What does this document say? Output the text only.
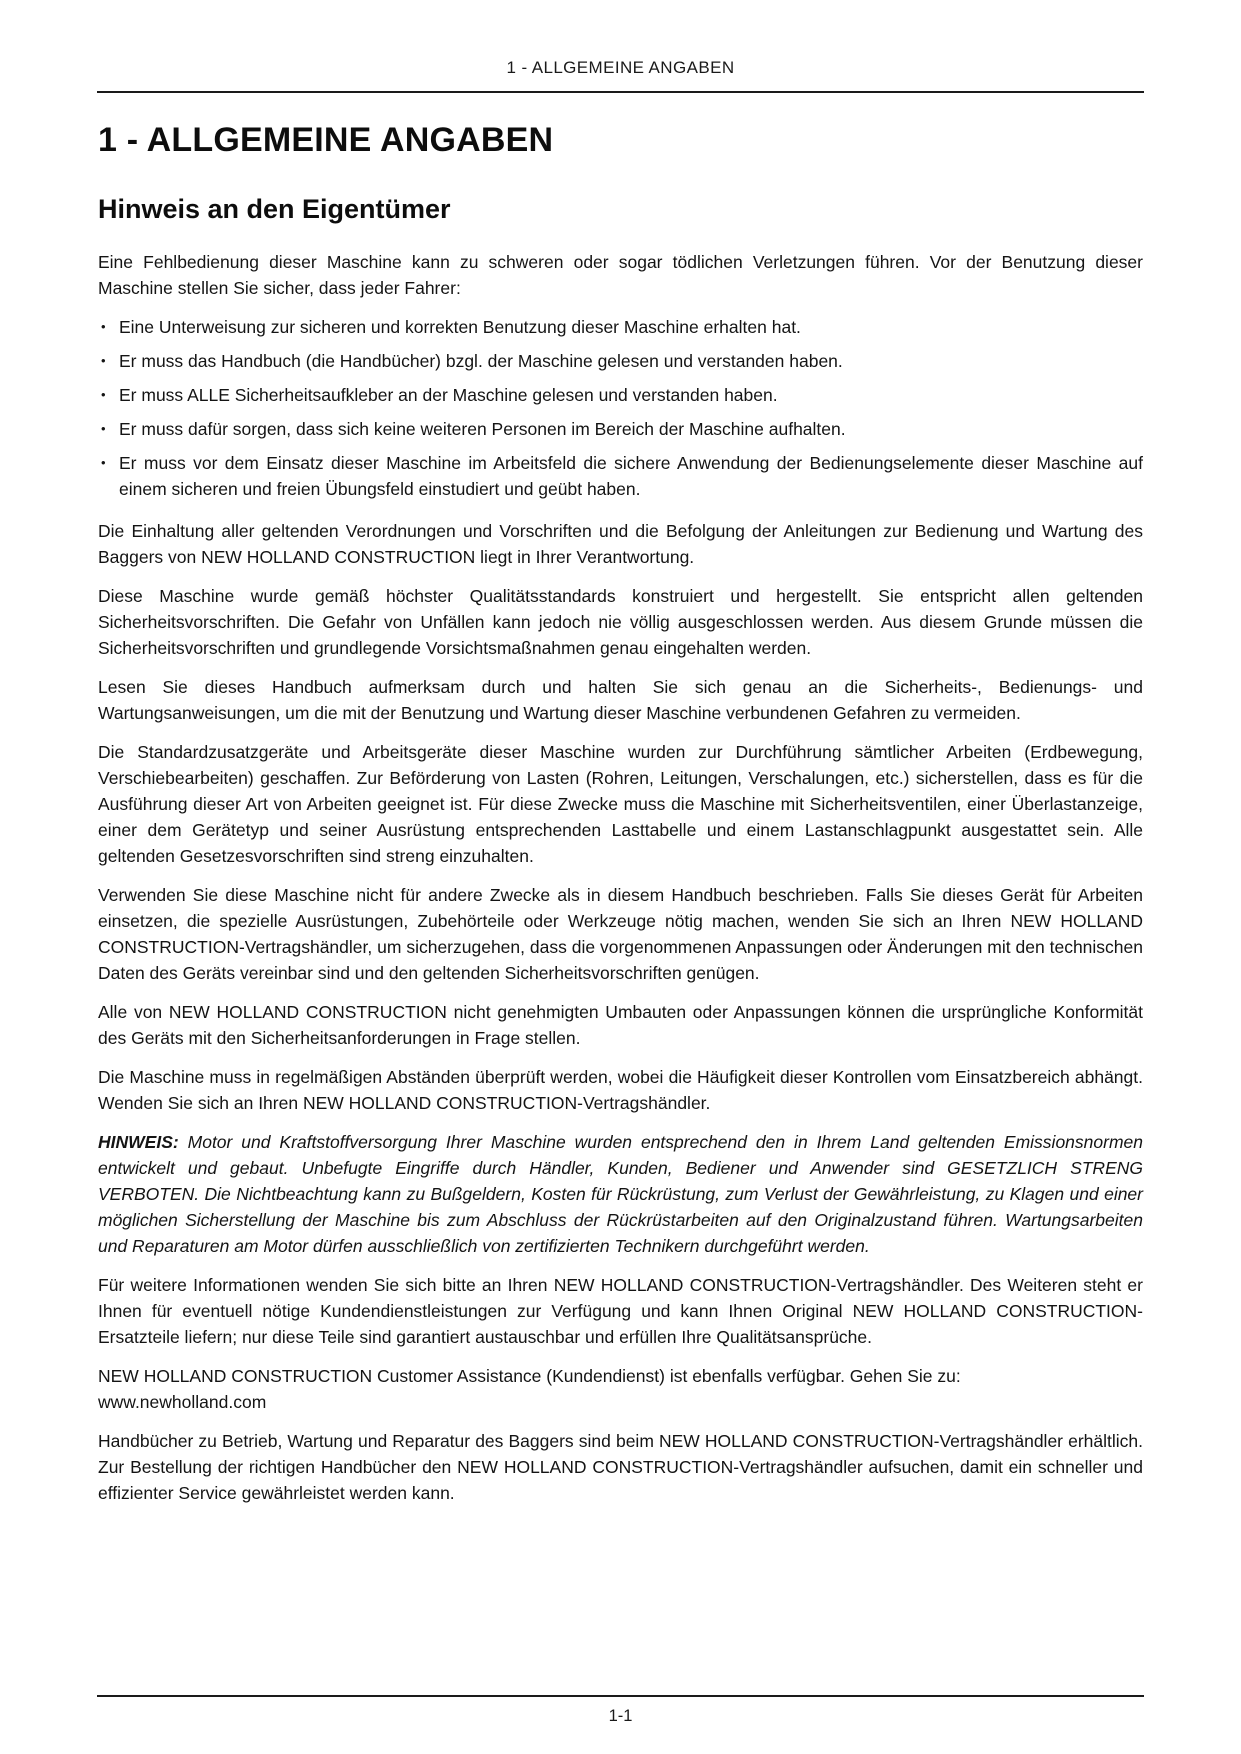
1 - ALLGEMEINE ANGABEN
1 - ALLGEMEINE ANGABEN
Hinweis an den Eigentümer

Eine Fehlbedienung dieser Maschine kann zu schweren oder sogar tödlichen Verletzungen führen. Vor der Benutzung dieser Maschine stellen Sie sicher, dass jeder Fahrer:

• Eine Unterweisung zur sicheren und korrekten Benutzung dieser Maschine erhalten hat.
• Er muss das Handbuch (die Handbücher) bzgl. der Maschine gelesen und verstanden haben.
• Er muss ALLE Sicherheitsaufkleber an der Maschine gelesen und verstanden haben.
• Er muss dafür sorgen, dass sich keine weiteren Personen im Bereich der Maschine aufhalten.
• Er muss vor dem Einsatz dieser Maschine im Arbeitsfeld die sichere Anwendung der Bedienungselemente dieser Maschine auf einem sicheren und freien Übungsfeld einstudiert und geübt haben.

Die Einhaltung aller geltenden Verordnungen und Vorschriften und die Befolgung der Anleitungen zur Bedienung und Wartung des Baggers von NEW HOLLAND CONSTRUCTION liegt in Ihrer Verantwortung.

Diese Maschine wurde gemäß höchster Qualitätsstandards konstruiert und hergestellt. Sie entspricht allen geltenden Sicherheitsvorschriften. Die Gefahr von Unfällen kann jedoch nie völlig ausgeschlossen werden. Aus diesem Grunde müssen die Sicherheitsvorschriften und grundlegende Vorsichtsmaßnahmen genau eingehalten werden.

Lesen Sie dieses Handbuch aufmerksam durch und halten Sie sich genau an die Sicherheits-, Bedienungs- und Wartungsanweisungen, um die mit der Benutzung und Wartung dieser Maschine verbundenen Gefahren zu vermeiden.

Die Standardzusatzgeräte und Arbeitsgeräte dieser Maschine wurden zur Durchführung sämtlicher Arbeiten (Erdbewegung, Verschiebearbeiten) geschaffen. Zur Beförderung von Lasten (Rohren, Leitungen, Verschalungen, etc.) sicherstellen, dass es für die Ausführung dieser Art von Arbeiten geeignet ist. Für diese Zwecke muss die Maschine mit Sicherheitsventilen, einer Überlastanzeige, einer dem Gerätetyp und seiner Ausrüstung entsprechenden Lasttabelle und einem Lastanschlagpunkt ausgestattet sein. Alle geltenden Gesetzesvorschriften sind streng einzuhalten.

Verwenden Sie diese Maschine nicht für andere Zwecke als in diesem Handbuch beschrieben. Falls Sie dieses Gerät für Arbeiten einsetzen, die spezielle Ausrüstungen, Zubehörteile oder Werkzeuge nötig machen, wenden Sie sich an Ihren NEW HOLLAND CONSTRUCTION-Vertragshändler, um sicherzugehen, dass die vorgenommenen Anpassungen oder Änderungen mit den technischen Daten des Geräts vereinbar sind und den geltenden Sicherheitsvorschriften genügen.

Alle von NEW HOLLAND CONSTRUCTION nicht genehmigten Umbauten oder Anpassungen können die ursprüngliche Konformität des Geräts mit den Sicherheitsanforderungen in Frage stellen.

Die Maschine muss in regelmäßigen Abständen überprüft werden, wobei die Häufigkeit dieser Kontrollen vom Einsatzbereich abhängt. Wenden Sie sich an Ihren NEW HOLLAND CONSTRUCTION-Vertragshändler.

HINWEIS: Motor und Kraftstoffversorgung Ihrer Maschine wurden entsprechend den in Ihrem Land geltenden Emissionsnormen entwickelt und gebaut. Unbefugte Eingriffe durch Händler, Kunden, Bediener und Anwender sind GESETZLICH STRENG VERBOTEN. Die Nichtbeachtung kann zu Bußgeldern, Kosten für Rückrüstung, zum Verlust der Gewährleistung, zu Klagen und einer möglichen Sicherstellung der Maschine bis zum Abschluss der Rückrüstarbeiten auf den Originalzustand führen. Wartungsarbeiten und Reparaturen am Motor dürfen ausschließlich von zertifizierten Technikern durchgeführt werden.

Für weitere Informationen wenden Sie sich bitte an Ihren NEW HOLLAND CONSTRUCTION-Vertragshändler. Des Weiteren steht er Ihnen für eventuell nötige Kundendienstleistungen zur Verfügung und kann Ihnen Original NEW HOLLAND CONSTRUCTION-Ersatzteile liefern; nur diese Teile sind garantiert austauschbar und erfüllen Ihre Qualitätsansprüche.

NEW HOLLAND CONSTRUCTION Customer Assistance (Kundendienst) ist ebenfalls verfügbar. Gehen Sie zu:
www.newholland.com

Handbücher zu Betrieb, Wartung und Reparatur des Baggers sind beim NEW HOLLAND CONSTRUCTION-Vertragshändler erhältlich. Zur Bestellung der richtigen Handbücher den NEW HOLLAND CONSTRUCTION-Vertragshändler aufsuchen, damit ein schneller und effizienter Service gewährleistet werden kann.

1-1
